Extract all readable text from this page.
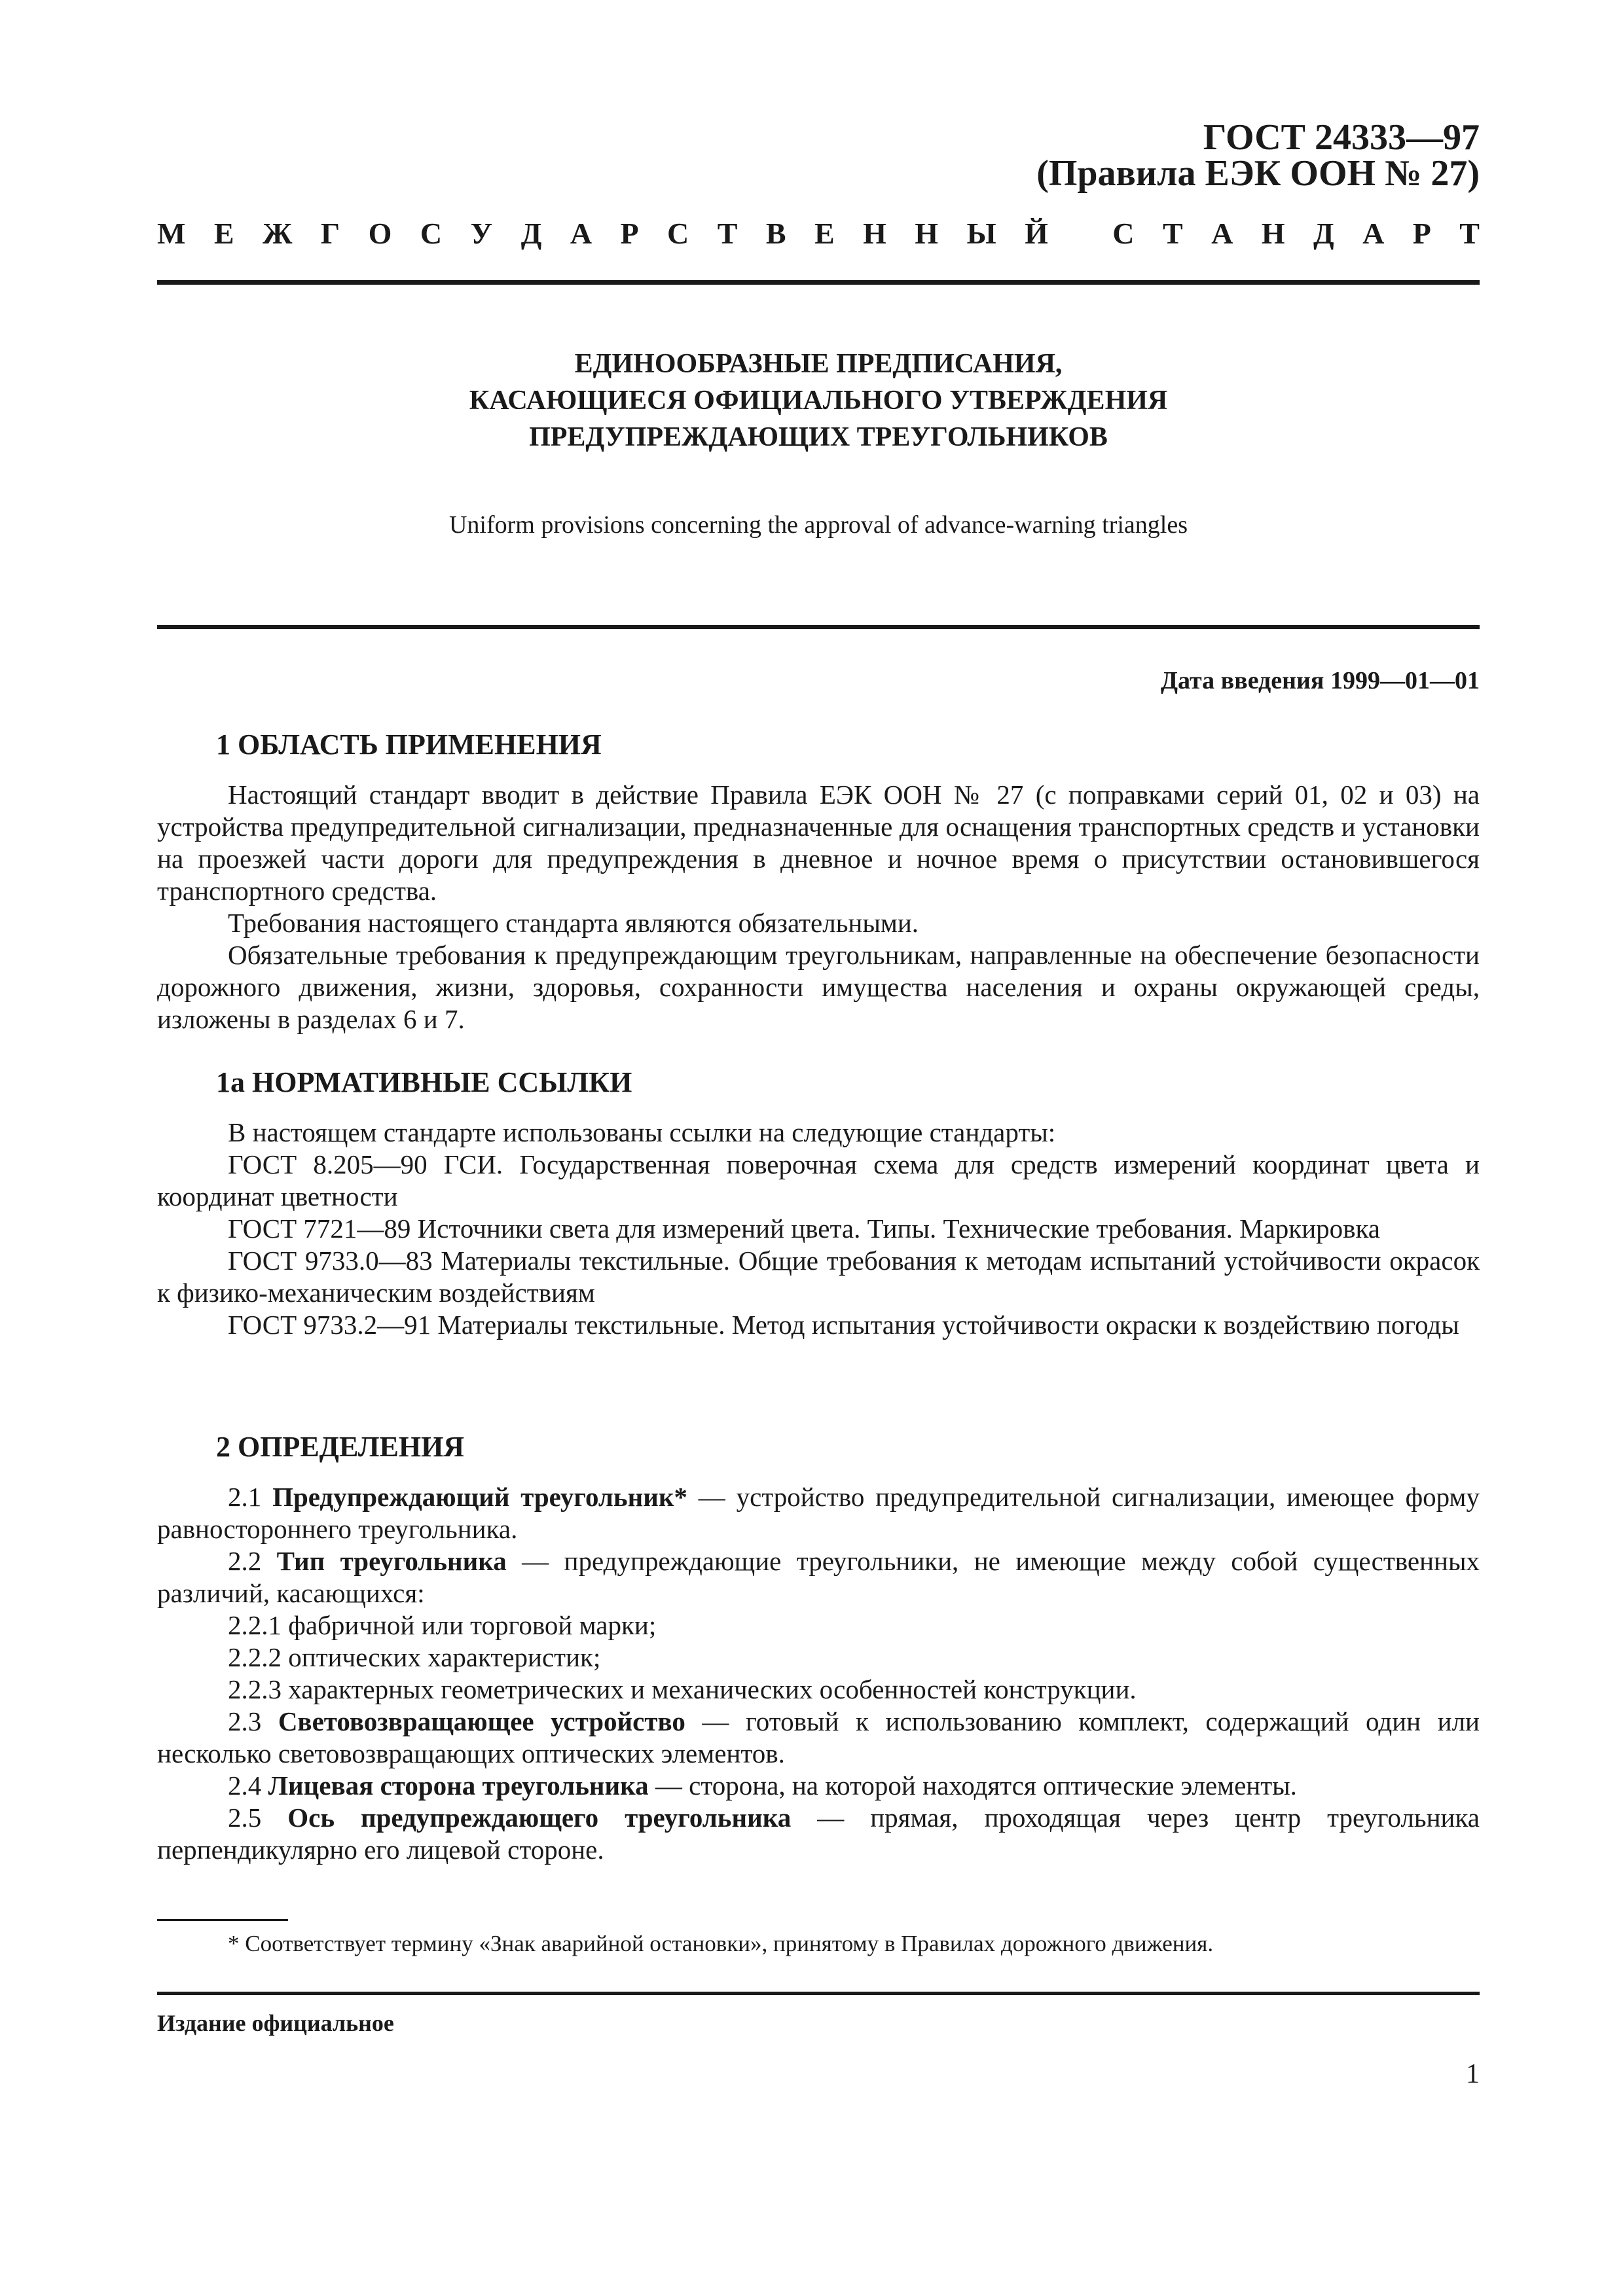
ГОСТ 24333—97
(Правила ЕЭК ООН № 27)
М Е Ж Г О С У Д А Р С Т В Е Н Н Ы Й
С Т А Н Д А Р Т
ЕДИНООБРАЗНЫЕ ПРЕДПИСАНИЯ,
КАСАЮЩИЕСЯ ОФИЦИАЛЬНОГО УТВЕРЖДЕНИЯ
ПРЕДУПРЕЖДАЮЩИХ ТРЕУГОЛЬНИКОВ
Uniform provisions concerning the approval of advance-warning triangles
Дата введения 1999—01—01
1 ОБЛАСТЬ ПРИМЕНЕНИЯ

Настоящий стандарт вводит в действие Правила ЕЭК ООН № 27 (с поправками серий 01, 02 и 03) на устройства предупредительной сигнализации, предназначенные для оснащения транспортных средств и установки на проезжей части дороги для предупреждения в дневное и ночное время о присутствии остановившегося транспортного средства.

Требования настоящего стандарта являются обязательными.

Обязательные требования к предупреждающим треугольникам, направленные на обеспечение безопасности дорожного движения, жизни, здоровья, сохранности имущества населения и охраны окружающей среды, изложены в разделах 6 и 7.

1а НОРМАТИВНЫЕ ССЫЛКИ

В настоящем стандарте использованы ссылки на следующие стандарты:

ГОСТ 8.205—90 ГСИ. Государственная поверочная схема для средств измерений координат цвета и координат цветности

ГОСТ 7721—89 Источники света для измерений цвета. Типы. Технические требования. Маркировка

ГОСТ 9733.0—83 Материалы текстильные. Общие требования к методам испытаний устойчивости окрасок к физико-механическим воздействиям

ГОСТ 9733.2—91 Материалы текстильные. Метод испытания устойчивости окраски к воздействию погоды

2 ОПРЕДЕЛЕНИЯ

2.1 Предупреждающий треугольник* — устройство предупредительной сигнализации, имеющее форму равностороннего треугольника.

2.2 Тип треугольника — предупреждающие треугольники, не имеющие между собой существенных различий, касающихся:

2.2.1 фабричной или торговой марки;

2.2.2 оптических характеристик;

2.2.3 характерных геометрических и механических особенностей конструкции.

2.3 Световозвращающее устройство — готовый к использованию комплект, содержащий один или несколько световозвращающих оптических элементов.

2.4 Лицевая сторона треугольника — сторона, на которой находятся оптические элементы.

2.5 Ось предупреждающего треугольника — прямая, проходящая через центр треугольника перпендикулярно его лицевой стороне.

* Соответствует термину «Знак аварийной остановки», принятому в Правилах дорожного движения.
Издание официальное
1
